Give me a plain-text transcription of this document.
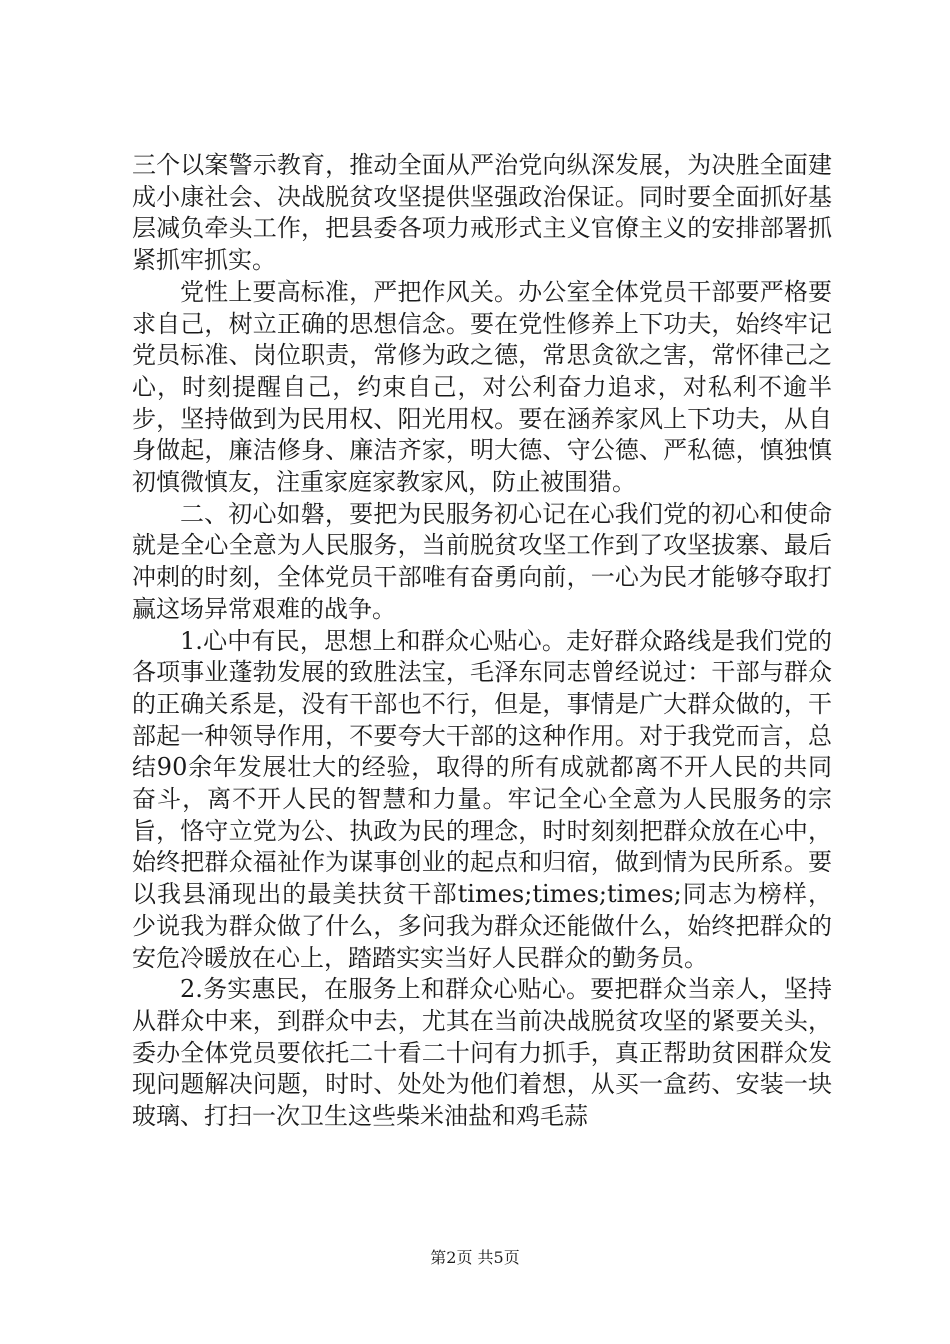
三个以案警示教育，推动全面从严治党向纵深发展，为决胜全面建成小康社会、决战脱贫攻坚提供坚强政治保证。同时要全面抓好基层减负牵头工作，把县委各项力戒形式主义官僚主义的安排部署抓紧抓牢抓实。

党性上要高标准，严把作风关。办公室全体党员干部要严格要求自己，树立正确的思想信念。要在党性修养上下功夫，始终牢记党员标准、岗位职责，常修为政之德，常思贪欲之害，常怀律己之心，时刻提醒自己，约束自己，对公利奋力追求，对私利不逾半步，坚持做到为民用权、阳光用权。要在涵养家风上下功夫，从自身做起，廉洁修身、廉洁齐家，明大德、守公德、严私德，慎独慎初慎微慎友，注重家庭家教家风，防止被围猎。

二、初心如磐，要把为民服务初心记在心我们党的初心和使命就是全心全意为人民服务，当前脱贫攻坚工作到了攻坚拔寨、最后冲刺的时刻，全体党员干部唯有奋勇向前，一心为民才能够夺取打赢这场异常艰难的战争。

1.心中有民，思想上和群众心贴心。走好群众路线是我们党的各项事业蓬勃发展的致胜法宝，毛泽东同志曾经说过：干部与群众的正确关系是，没有干部也不行，但是，事情是广大群众做的，干部起一种领导作用，不要夸大干部的这种作用。对于我党而言，总结90余年发展壮大的经验，取得的所有成就都离不开人民的共同奋斗，离不开人民的智慧和力量。牢记全心全意为人民服务的宗旨，恪守立党为公、执政为民的理念，时时刻刻把群众放在心中，始终把群众福祉作为谋事创业的起点和归宿，做到情为民所系。要以我县涌现出的最美扶贫干部times;times;times;同志为榜样，少说我为群众做了什么，多问我为群众还能做什么，始终把群众的安危冷暖放在心上，踏踏实实当好人民群众的勤务员。

2.务实惠民，在服务上和群众心贴心。要把群众当亲人，坚持从群众中来，到群众中去，尤其在当前决战脱贫攻坚的紧要关头，委办全体党员要依托二十看二十问有力抓手，真正帮助贫困群众发现问题解决问题，时时、处处为他们着想，从买一盒药、安装一块玻璃、打扫一次卫生这些柴米油盐和鸡毛蒜

第2页 共5页
